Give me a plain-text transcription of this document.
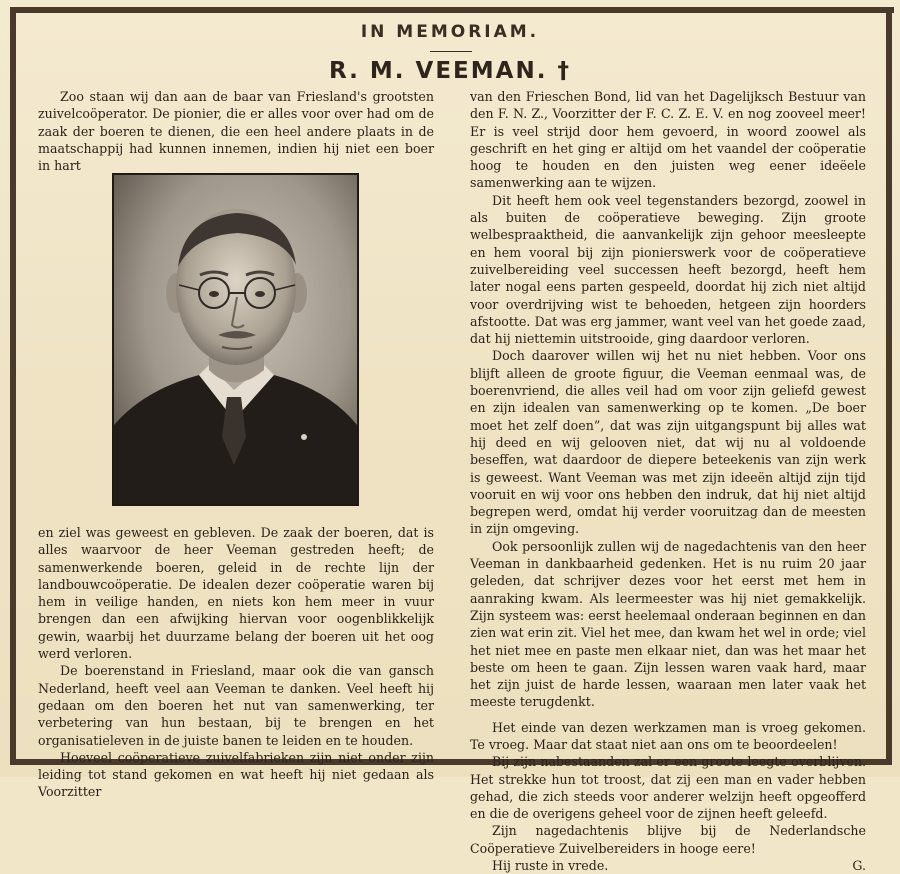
IN MEMORIAM.
R. M. VEEMAN. †

Zoo staan wij dan aan de baar van Friesland's grootsten zuivelcoöperator. De pionier, die er alles voor over had om de zaak der boeren te dienen, die een heel andere plaats in de maatschappij had kunnen innemen, indien hij niet een boer in hart

en ziel was geweest en gebleven. De zaak der boeren, dat is alles waarvoor de heer Veeman gestreden heeft; de samenwerkende boeren, geleid in de rechte lijn der landbouwcoöperatie. De idealen dezer coöperatie waren bij hem in veilige handen, en niets kon hem meer in vuur brengen dan een afwijking hiervan voor oogenblikkelijk gewin, waarbij het duurzame belang der boeren uit het oog werd verloren.

De boerenstand in Friesland, maar ook die van gansch Nederland, heeft veel aan Veeman te danken. Veel heeft hij gedaan om den boeren het nut van samenwerking, ter verbetering van hun bestaan, bij te brengen en het organisatieleven in de juiste banen te leiden en te houden.

Hoeveel coöperatieve zuivelfabrieken zijn niet onder zijn leiding tot stand gekomen en wat heeft hij niet gedaan als Voorzitter

van den Frieschen Bond, lid van het Dagelijksch Bestuur van den F. N. Z., Voorzitter der F. C. Z. E. V. en nog zooveel meer! Er is veel strijd door hem gevoerd, in woord zoowel als geschrift en het ging er altijd om het vaandel der coöperatie hoog te houden en den juisten weg eener ideëele samenwerking aan te wijzen.

Dit heeft hem ook veel tegenstanders bezorgd, zoowel in als buiten de coöperatieve beweging. Zijn groote welbespraaktheid, die aanvankelijk zijn gehoor meesleepte en hem vooral bij zijn pionierswerk voor de coöperatieve zuivelbereiding veel successen heeft bezorgd, heeft hem later nogal eens parten gespeeld, doordat hij zich niet altijd voor overdrijving wist te behoeden, hetgeen zijn hoorders afstootte. Dat was erg jammer, want veel van het goede zaad, dat hij niettemin uitstrooide, ging daardoor verloren.

Doch daarover willen wij het nu niet hebben. Voor ons blijft alleen de groote figuur, die Veeman eenmaal was, de boerenvriend, die alles veil had om voor zijn geliefd gewest en zijn idealen van samenwerking op te komen. „De boer moet het zelf doen”, dat was zijn uitgangspunt bij alles wat hij deed en wij gelooven niet, dat wij nu al voldoende beseffen, wat daardoor de diepere beteekenis van zijn werk is geweest. Want Veeman was met zijn ideeën altijd zijn tijd vooruit en wij voor ons hebben den indruk, dat hij niet altijd begrepen werd, omdat hij verder vooruitzag dan de meesten in zijn omgeving.

Ook persoonlijk zullen wij de nagedachtenis van den heer Veeman in dankbaarheid gedenken. Het is nu ruim 20 jaar geleden, dat schrijver dezes voor het eerst met hem in aanraking kwam. Als leermeester was hij niet gemakkelijk. Zijn systeem was: eerst heelemaal onderaan beginnen en dan zien wat erin zit. Viel het mee, dan kwam het wel in orde; viel het niet mee en paste men elkaar niet, dan was het maar het beste om heen te gaan. Zijn lessen waren vaak hard, maar het zijn juist de harde lessen, waaraan men later vaak het meeste terugdenkt.

Het einde van dezen werkzamen man is vroeg gekomen. Te vroeg. Maar dat staat niet aan ons om te beoordeelen!

Bij zijn nabestaanden zal er een groote leegte overblijven. Het strekke hun tot troost, dat zij een man en vader hebben gehad, die zich steeds voor anderer welzijn heeft opgeofferd en die de overigens geheel voor de zijnen heeft geleefd.

Zijn nagedachtenis blijve bij de Nederlandsche Coöperatieve Zuivelbereiders in hooge eere!

Hij ruste in vrede.	G.
